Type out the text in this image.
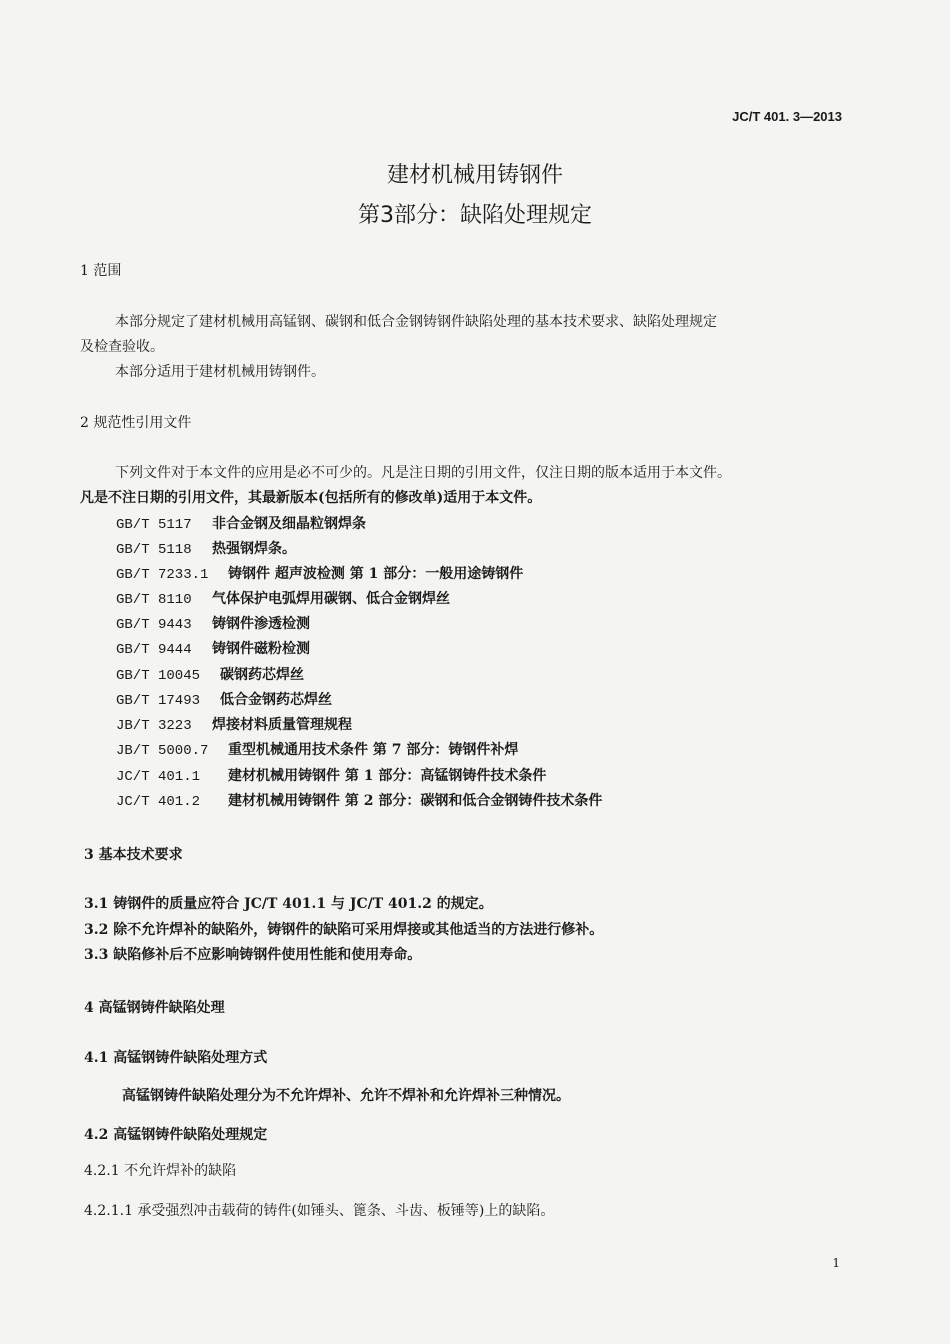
JC/T 401. 3—2013
建材机械用铸钢件
第3部分：缺陷处理规定
1 范围
本部分规定了建材机械用高锰钢、碳钢和低合金钢铸钢件缺陷处理的基本技术要求、缺陷处理规定
及检查验收。
本部分适用于建材机械用铸钢件。
2 规范性引用文件
下列文件对于本文件的应用是必不可少的。凡是注日期的引用文件，仅注日期的版本适用于本文件。
凡是不注日期的引用文件，其最新版本(包括所有的修改单)适用于本文件。
GB/T 5117 非合金钢及细晶粒钢焊条
GB/T 5118 热强钢焊条。
GB/T 7233.1 铸钢件 超声波检测 第 1 部分：一般用途铸钢件
GB/T 8110 气体保护电弧焊用碳钢、低合金钢焊丝
GB/T 9443 铸钢件渗透检测
GB/T 9444 铸钢件磁粉检测
GB/T 10045 碳钢药芯焊丝
GB/T 17493 低合金钢药芯焊丝
JB/T 3223 焊接材料质量管理规程
JB/T 5000.7 重型机械通用技术条件 第 7 部分：铸钢件补焊
JC/T 401.1 建材机械用铸钢件 第 1 部分：高锰钢铸件技术条件
JC/T 401.2 建材机械用铸钢件 第 2 部分：碳钢和低合金钢铸件技术条件
3 基本技术要求
3.1 铸钢件的质量应符合 JC/T 401.1 与 JC/T 401.2 的规定。
3.2 除不允许焊补的缺陷外，铸钢件的缺陷可采用焊接或其他适当的方法进行修补。
3.3 缺陷修补后不应影响铸钢件使用性能和使用寿命。
4 高锰钢铸件缺陷处理
4.1 高锰钢铸件缺陷处理方式
高锰钢铸件缺陷处理分为不允许焊补、允许不焊补和允许焊补三种情况。
4.2 高锰钢铸件缺陷处理规定
4.2.1 不允许焊补的缺陷
4.2.1.1 承受强烈冲击载荷的铸件(如锤头、篦条、斗齿、板锤等)上的缺陷。
1
